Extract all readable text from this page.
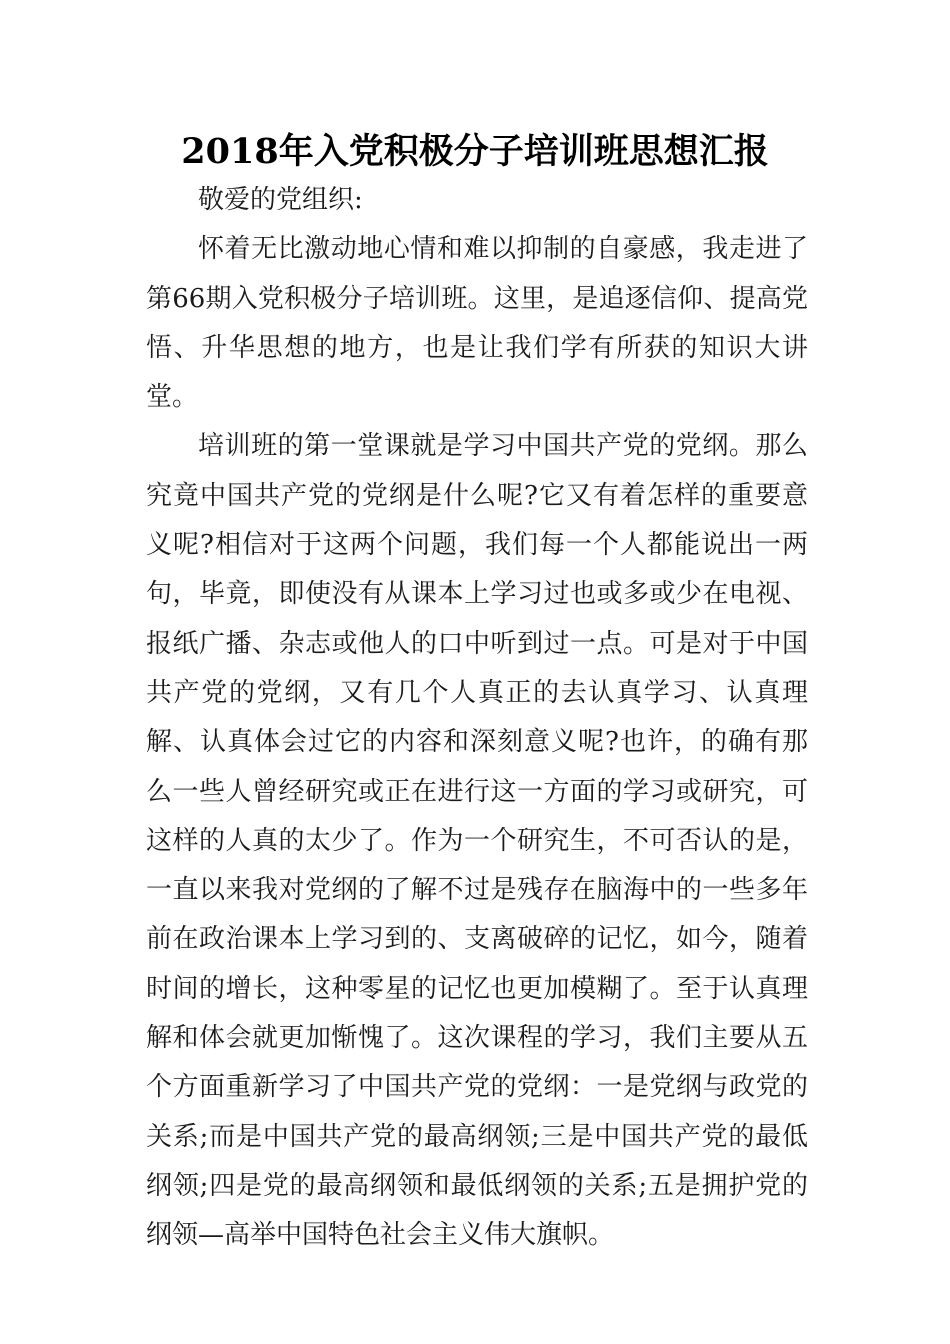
2018年入党积极分子培训班思想汇报

敬爱的党组织:

怀着无比激动地心情和难以抑制的自豪感，我走进了第66期入党积极分子培训班。这里，是追逐信仰、提高党悟、升华思想的地方，也是让我们学有所获的知识大讲堂。

培训班的第一堂课就是学习中国共产党的党纲。那么究竟中国共产党的党纲是什么呢?它又有着怎样的重要意义呢?相信对于这两个问题，我们每一个人都能说出一两句，毕竟，即使没有从课本上学习过也或多或少在电视、报纸广播、杂志或他人的口中听到过一点。可是对于中国共产党的党纲，又有几个人真正的去认真学习、认真理解、认真体会过它的内容和深刻意义呢?也许，的确有那么一些人曾经研究或正在进行这一方面的学习或研究，可这样的人真的太少了。作为一个研究生，不可否认的是，一直以来我对党纲的了解不过是残存在脑海中的一些多年前在政治课本上学习到的、支离破碎的记忆，如今，随着时间的增长，这种零星的记忆也更加模糊了。至于认真理解和体会就更加惭愧了。这次课程的学习，我们主要从五个方面重新学习了中国共产党的党纲：一是党纲与政党的关系;而是中国共产党的最高纲领;三是中国共产党的最低纲领;四是党的最高纲领和最低纲领的关系;五是拥护党的纲领—高举中国特色社会主义伟大旗帜。
